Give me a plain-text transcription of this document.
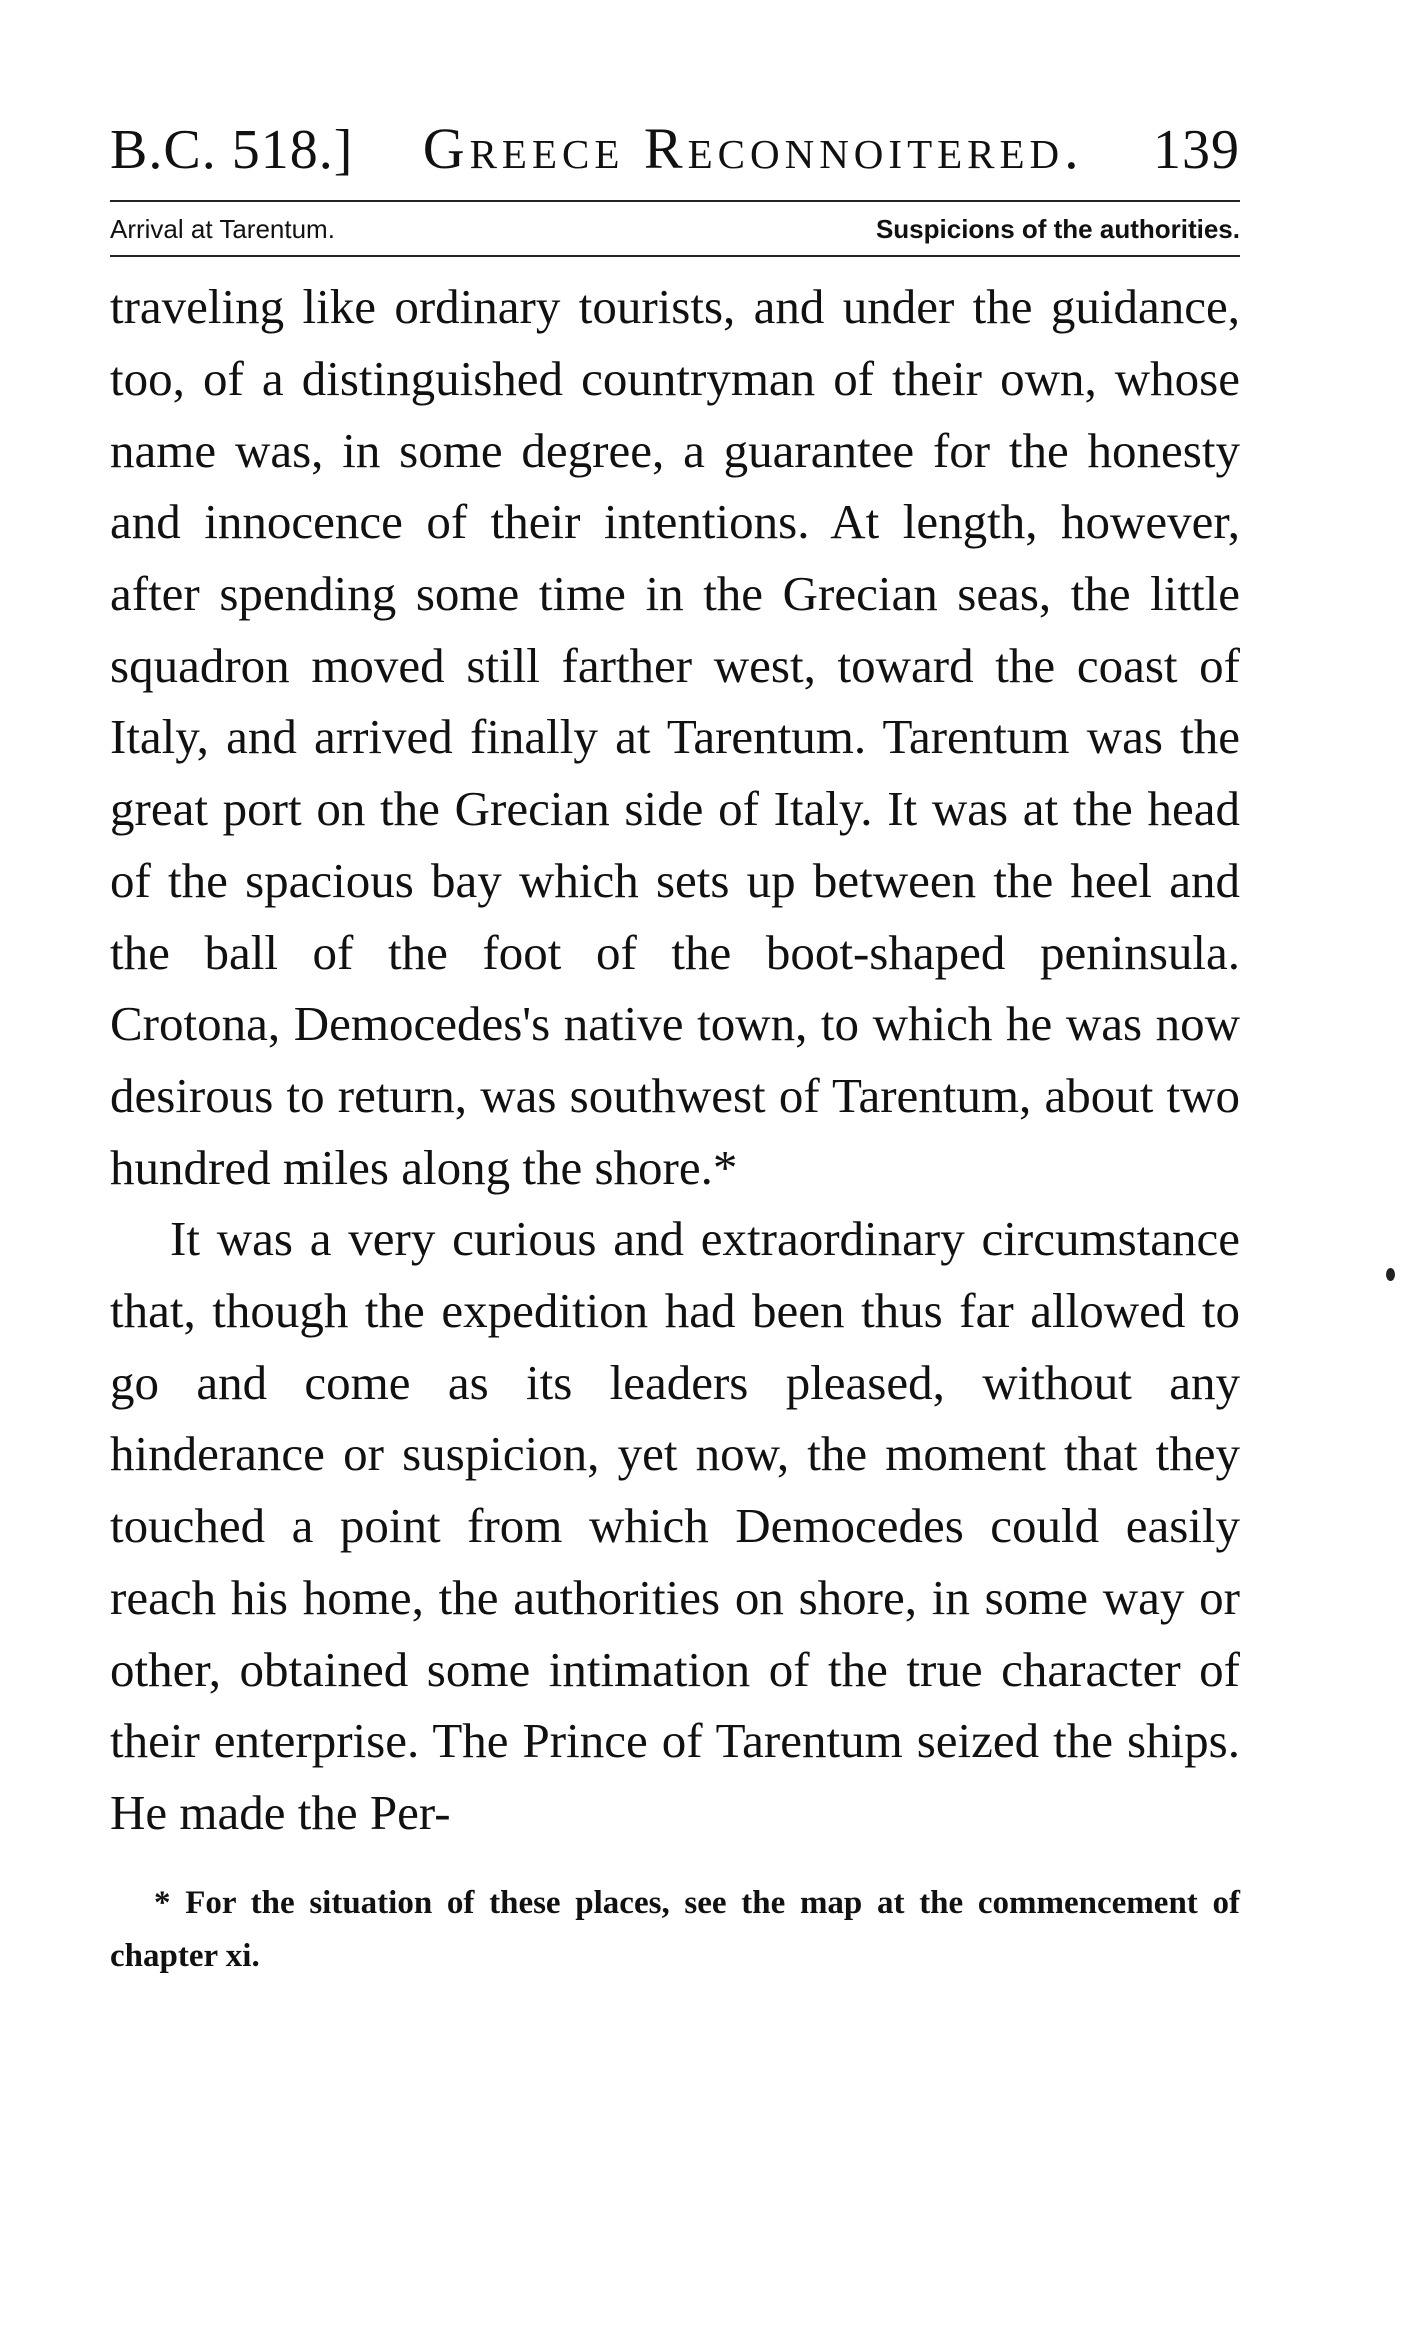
B.C. 518.] Greece Reconnoitered. 139
Arrival at Tarentum.	Suspicions of the authorities.

traveling like ordinary tourists, and under the guidance, too, of a distinguished countryman of their own, whose name was, in some degree, a guarantee for the honesty and innocence of their intentions. At length, however, after spending some time in the Grecian seas, the little squadron moved still farther west, toward the coast of Italy, and arrived finally at Tarentum. Tarentum was the great port on the Grecian side of Italy. It was at the head of the spacious bay which sets up between the heel and the ball of the foot of the boot-shaped peninsula. Crotona, Democedes's native town, to which he was now desirous to return, was southwest of Tarentum, about two hundred miles along the shore.*

It was a very curious and extraordinary circumstance that, though the expedition had been thus far allowed to go and come as its leaders pleased, without any hinderance or suspicion, yet now, the moment that they touched a point from which Democedes could easily reach his home, the authorities on shore, in some way or other, obtained some intimation of the true character of their enterprise. The Prince of Tarentum seized the ships. He made the Per-

* For the situation of these places, see the map at the commencement of chapter xi.
